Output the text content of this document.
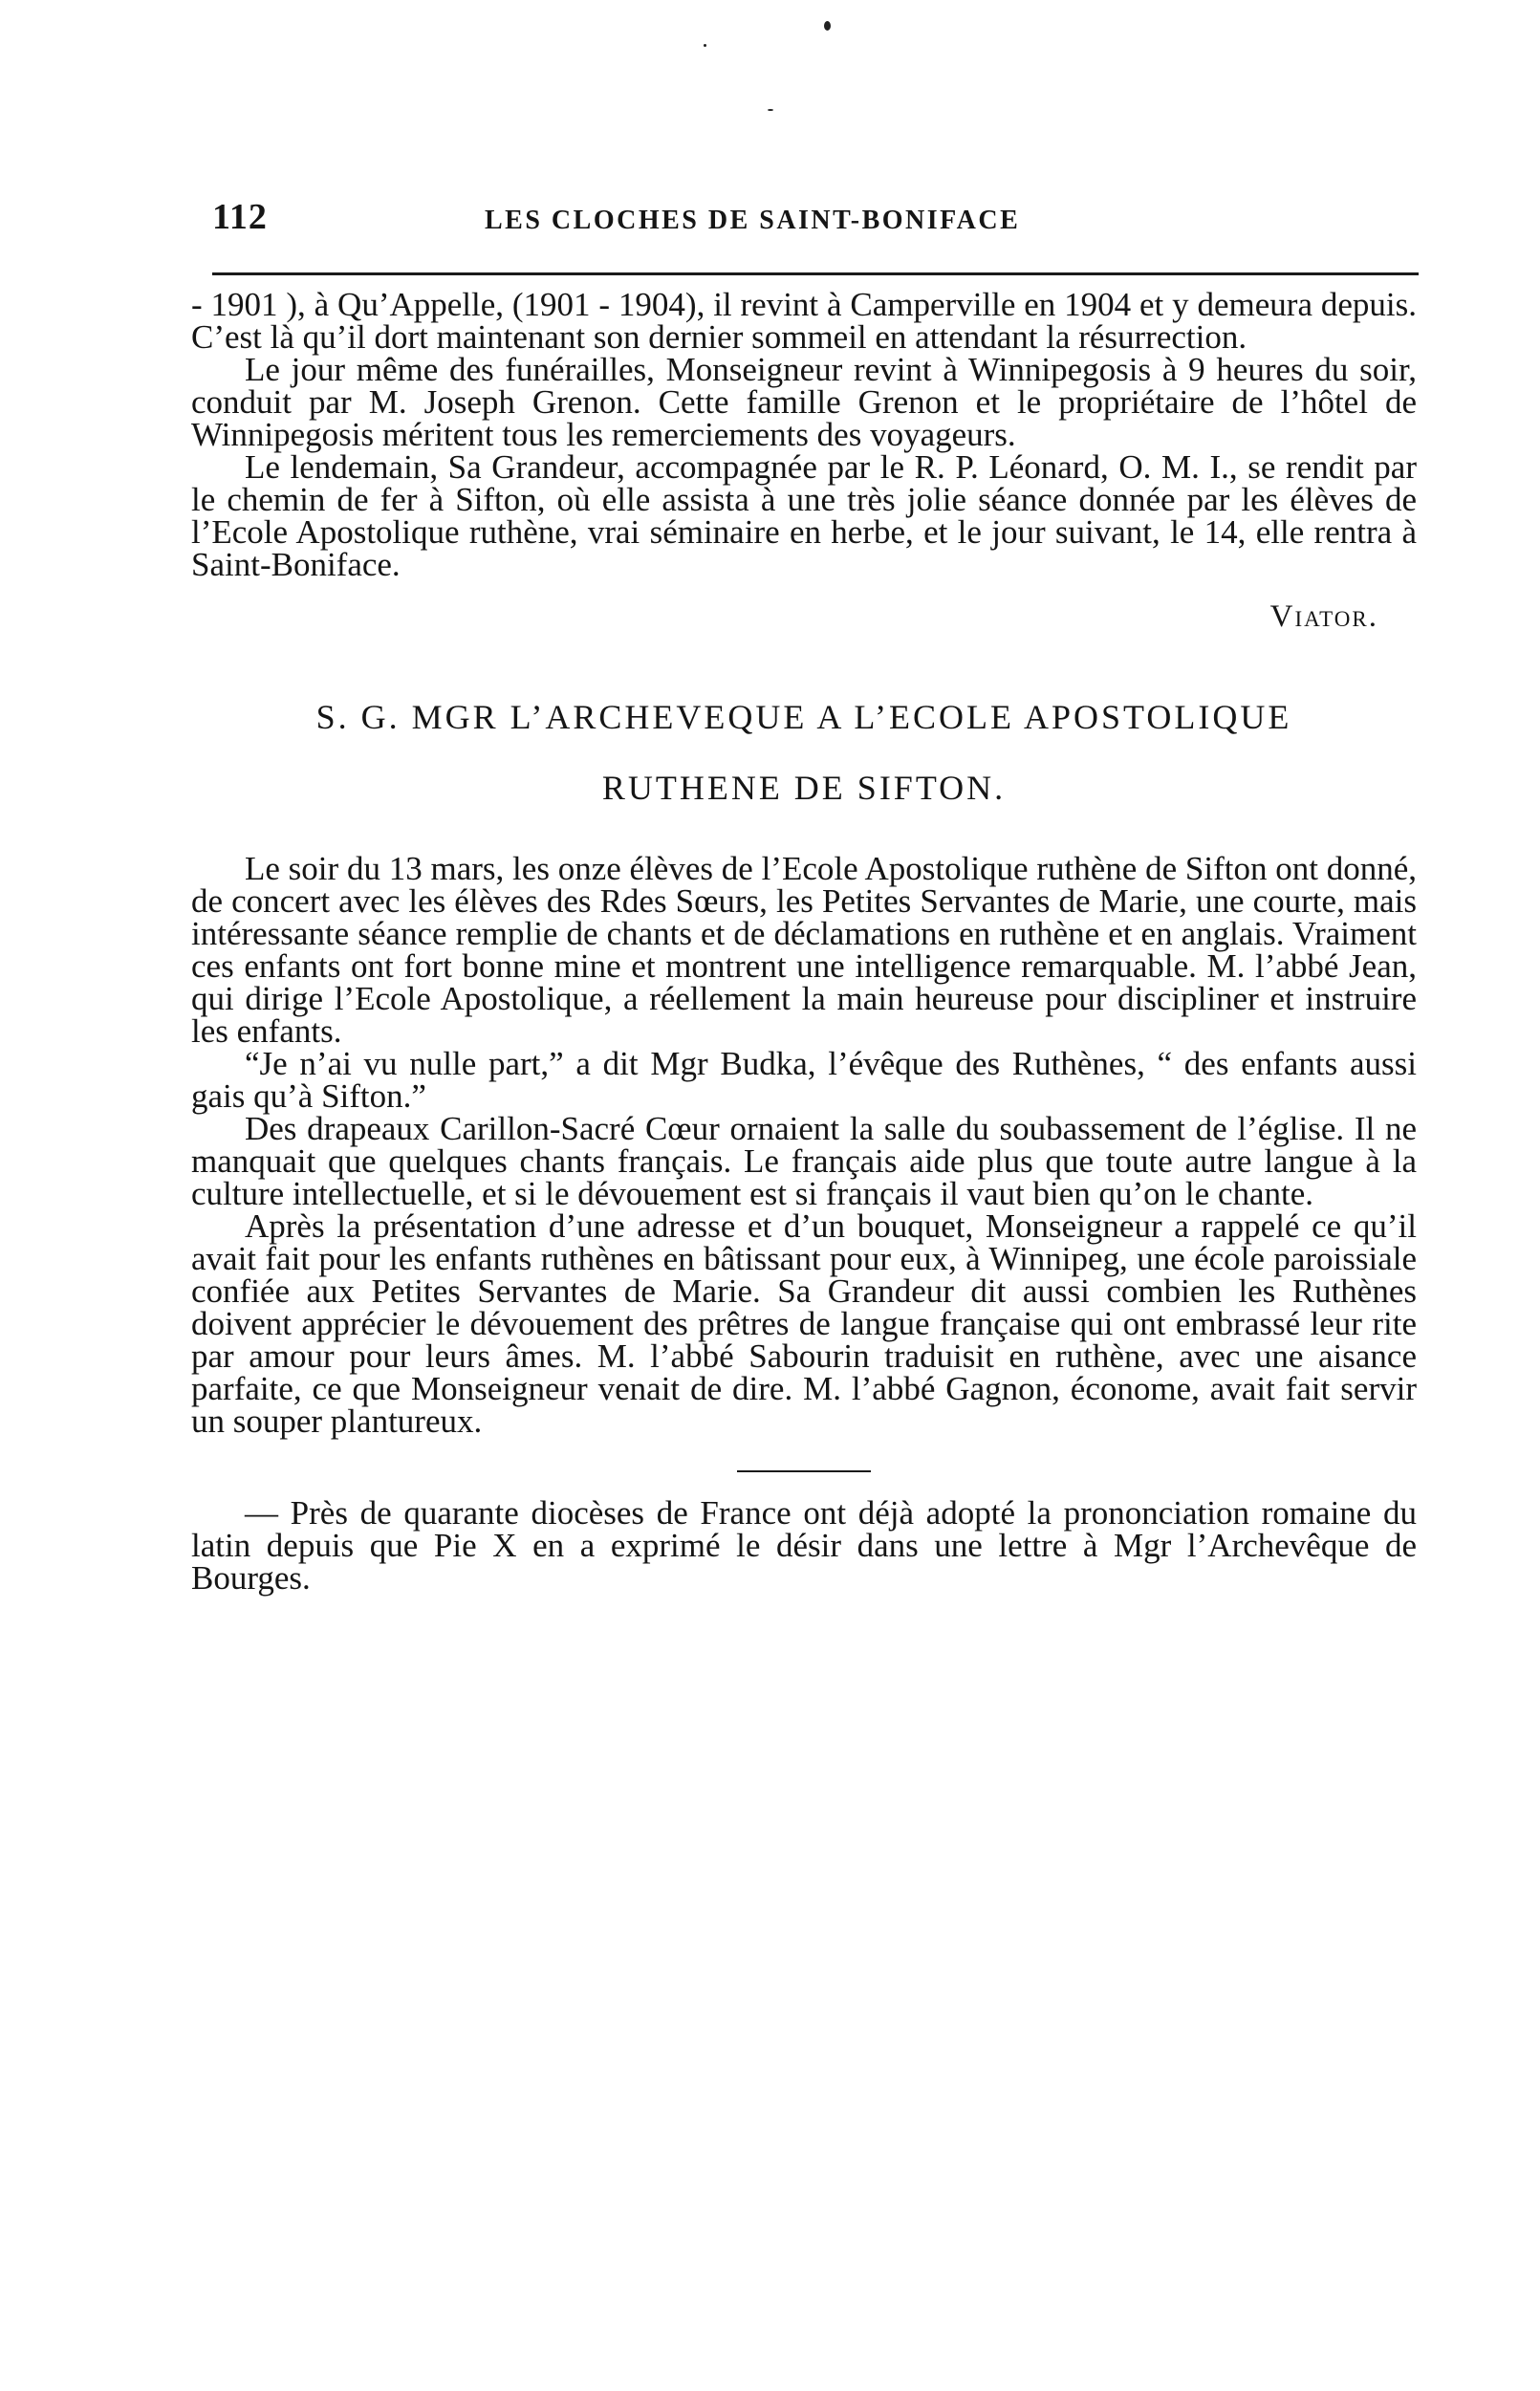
112	LES CLOCHES DE SAINT-BONIFACE

- 1901 ), à Qu’Appelle, (1901 - 1904), il revint à Camperville en 1904 et y demeura depuis. C’est là qu’il dort maintenant son dernier sommeil en attendant la résurrection.

Le jour même des funérailles, Monseigneur revint à Winnipegosis à 9 heures du soir, conduit par M. Joseph Grenon. Cette famille Grenon et le propriétaire de l’hôtel de Winnipegosis méritent tous les remerciements des voyageurs.

Le lendemain, Sa Grandeur, accompagnée par le R. P. Léonard, O. M. I., se rendit par le chemin de fer à Sifton, où elle assista à une très jolie séance donnée par les élèves de l’Ecole Apostolique ruthène, vrai séminaire en herbe, et le jour suivant, le 14, elle rentra à Saint-Boniface.

Viator.

S. G. MGR L’ARCHEVEQUE A L’ECOLE APOSTOLIQUE
RUTHENE DE SIFTON.

Le soir du 13 mars, les onze élèves de l’Ecole Apostolique ruthène de Sifton ont donné, de concert avec les élèves des Rdes Sœurs, les Petites Servantes de Marie, une courte, mais intéressante séance remplie de chants et de déclamations en ruthène et en anglais. Vraiment ces enfants ont fort bonne mine et montrent une intelligence remarquable. M. l’abbé Jean, qui dirige l’Ecole Apostolique, a réellement la main heureuse pour discipliner et instruire les enfants.

“Je n’ai vu nulle part,” a dit Mgr Budka, l’évêque des Ruthènes, “ des enfants aussi gais qu’à Sifton.”

Des drapeaux Carillon-Sacré Cœur ornaient la salle du soubassement de l’église. Il ne manquait que quelques chants français. Le français aide plus que toute autre langue à la culture intellectuelle, et si le dévouement est si français il vaut bien qu’on le chante.

Après la présentation d’une adresse et d’un bouquet, Monseigneur a rappelé ce qu’il avait fait pour les enfants ruthènes en bâtissant pour eux, à Winnipeg, une école paroissiale confiée aux Petites Servantes de Marie. Sa Grandeur dit aussi combien les Ruthènes doivent apprécier le dévouement des prêtres de langue française qui ont embrassé leur rite par amour pour leurs âmes. M. l’abbé Sabourin traduisit en ruthène, avec une aisance parfaite, ce que Monseigneur venait de dire. M. l’abbé Gagnon, économe, avait fait servir un souper plantureux.

— Près de quarante diocèses de France ont déjà adopté la prononciation romaine du latin depuis que Pie X en a exprimé le désir dans une lettre à Mgr l’Archevêque de Bourges.
